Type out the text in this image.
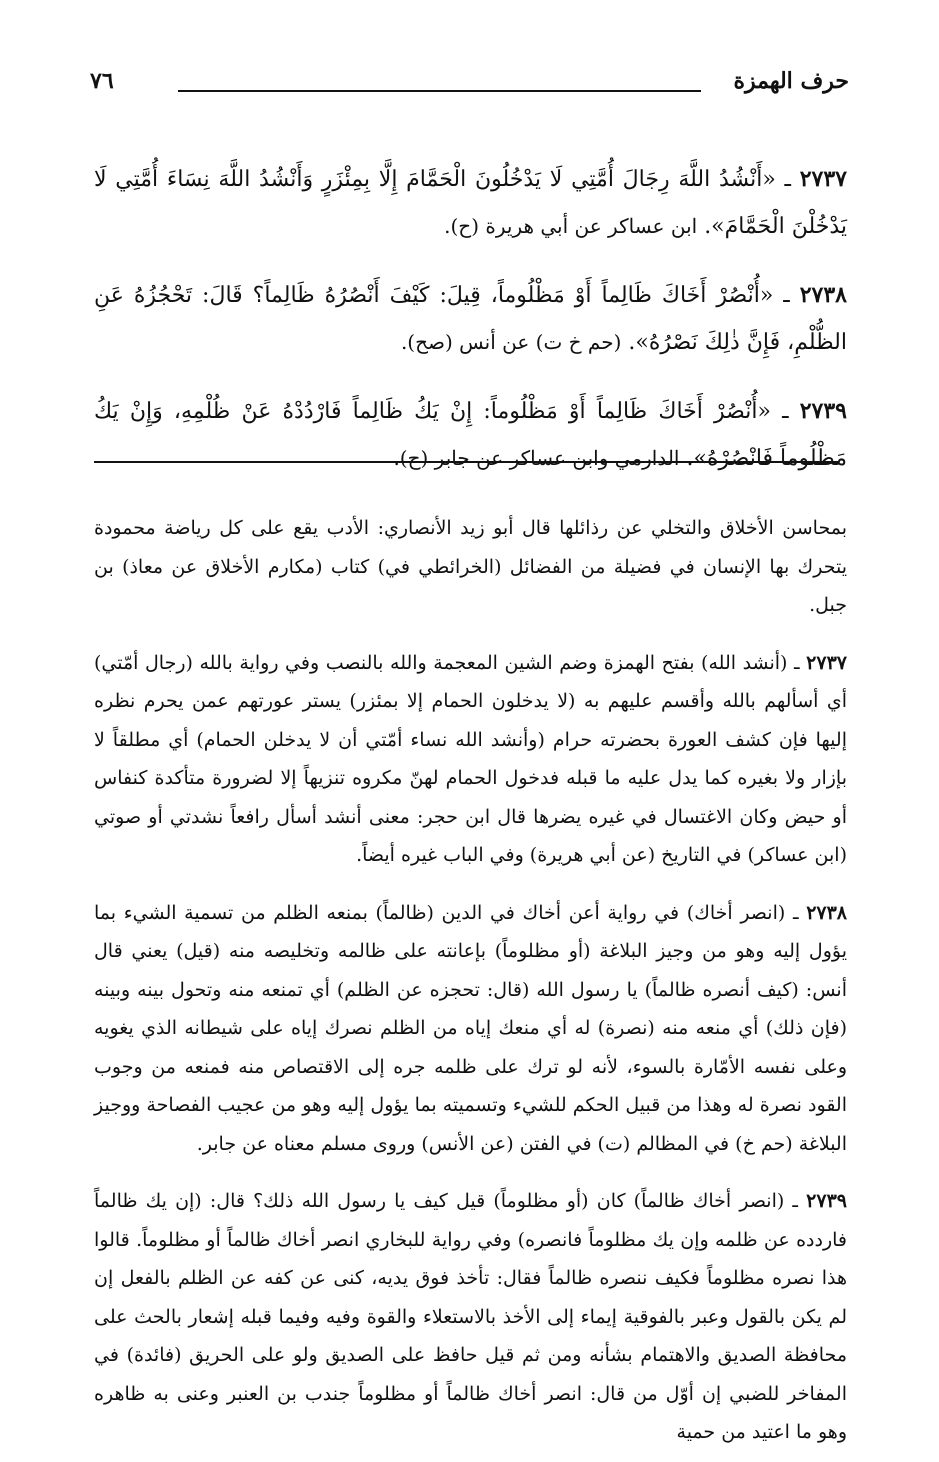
حرف الهمزة
٧٦

٢٧٣٧ ـ «أَنْشُدُ اللَّهَ رِجَالَ أُمَّتِي لَا يَدْخُلُونَ الْحَمَّامَ إِلَّا بِمِئْزَرٍ وَأَنْشُدُ اللَّهَ نِسَاءَ أُمَّتِي لَا يَدْخُلْنَ الْحَمَّامَ». ابن عساكر عن أبي هريرة (ح).

٢٧٣٨ ـ «أُنْصُرْ أَخَاكَ ظَالِماً أَوْ مَظْلُوماً، قِيلَ: كَيْفَ أَنْصُرُهُ ظَالِماً؟ قَالَ: تَحْجُزُهُ عَنِ الظُّلْمِ، فَإِنَّ ذٰلِكَ نَصْرُهُ». (حم خ ت) عن أنس (صح).

٢٧٣٩ ـ «أُنْصُرْ أَخَاكَ ظَالِماً أَوْ مَظْلُوماً: إِنْ يَكُ ظَالِماً فَارْدُدْهُ عَنْ ظُلْمِهِ، وَإِنْ يَكُ مَظْلُوماً فَانْصُرْهُ». الدارمي وابن عساكر عن جابر (ح).

بمحاسن الأخلاق والتخلي عن رذائلها قال أبو زيد الأنصاري: الأدب يقع على كل رياضة محمودة يتحرك بها الإنسان في فضيلة من الفضائل (الخرائطي في) كتاب (مكارم الأخلاق عن معاذ) بن جبل.

٢٧٣٧ ـ (أنشد الله) بفتح الهمزة وضم الشين المعجمة والله بالنصب وفي رواية بالله (رجال أمّتي) أي أسألهم بالله وأقسم عليهم به (لا يدخلون الحمام إلا بمئزر) يستر عورتهم عمن يحرم نظره إليها فإن كشف العورة بحضرته حرام (وأنشد الله نساء أمّتي أن لا يدخلن الحمام) أي مطلقاً لا بإزار ولا بغيره كما يدل عليه ما قبله فدخول الحمام لهنّ مكروه تنزيهاً إلا لضرورة متأكدة كنفاس أو حيض وكان الاغتسال في غيره يضرها قال ابن حجر: معنى أنشد أسأل رافعاً نشدتي أو صوتي (ابن عساكر) في التاريخ (عن أبي هريرة) وفي الباب غيره أيضاً.

٢٧٣٨ ـ (انصر أخاك) في رواية أعن أخاك في الدين (ظالماً) بمنعه الظلم من تسمية الشيء بما يؤول إليه وهو من وجيز البلاغة (أو مظلوماً) بإعانته على ظالمه وتخليصه منه (قيل) يعني قال أنس: (كيف أنصره ظالماً) يا رسول الله (قال: تحجزه عن الظلم) أي تمنعه منه وتحول بينه وبينه (فإن ذلك) أي منعه منه (نصرة) له أي منعك إياه من الظلم نصرك إياه على شيطانه الذي يغويه وعلى نفسه الأمّارة بالسوء، لأنه لو ترك على ظلمه جره إلى الاقتصاص منه فمنعه من وجوب القود نصرة له وهذا من قبيل الحكم للشيء وتسميته بما يؤول إليه وهو من عجيب الفصاحة ووجيز البلاغة (حم خ) في المظالم (ت) في الفتن (عن الأنس) وروى مسلم معناه عن جابر.

٢٧٣٩ ـ (انصر أخاك ظالماً) كان (أو مظلوماً) قيل كيف يا رسول الله ذلك؟ قال: (إن يك ظالماً فاردده عن ظلمه وإن يك مظلوماً فانصره) وفي رواية للبخاري انصر أخاك ظالماً أو مظلوماً. قالوا هذا نصره مظلوماً فكيف ننصره ظالماً فقال: تأخذ فوق يديه، كنى عن كفه عن الظلم بالفعل إن لم يكن بالقول وعبر بالفوقية إيماء إلى الأخذ بالاستعلاء والقوة وفيه وفيما قبله إشعار بالحث على محافظة الصديق والاهتمام بشأنه ومن ثم قيل حافظ على الصديق ولو على الحريق (فائدة) في المفاخر للضبي إن أوّل من قال: انصر أخاك ظالماً أو مظلوماً جندب بن العنبر وعنى به ظاهره وهو ما اعتيد من حمية
